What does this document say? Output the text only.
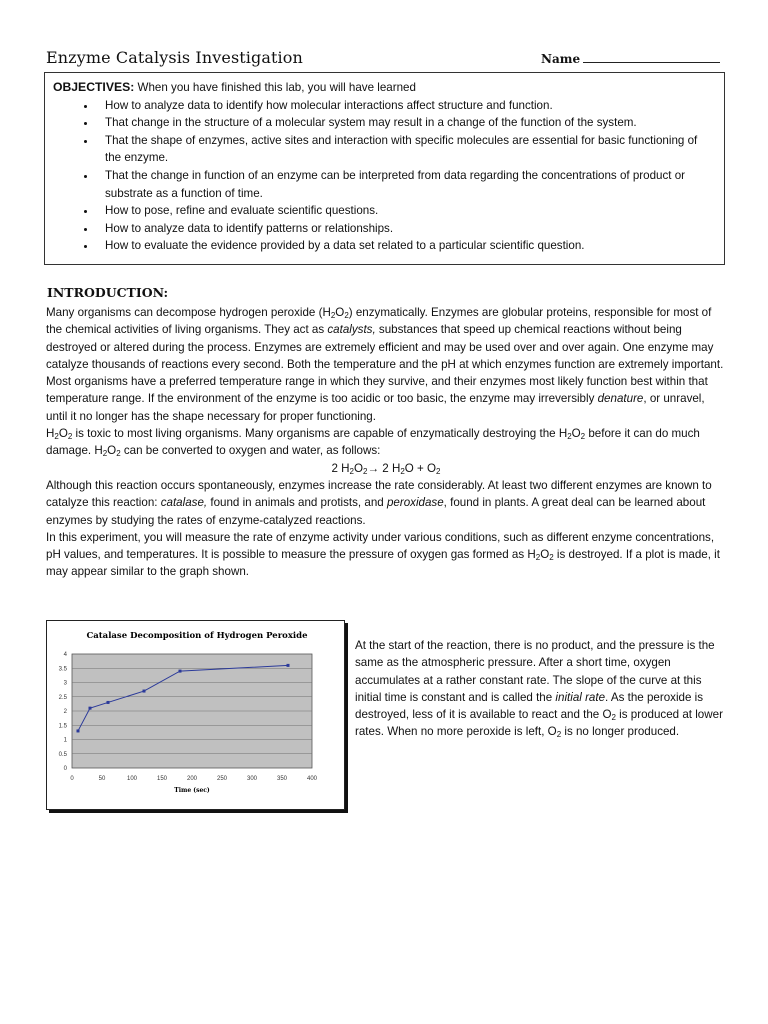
Enzyme Catalysis Investigation	Name
OBJECTIVES: When you have finished this lab, you will have learned
• How to analyze data to identify how molecular interactions affect structure and function.
• That change in the structure of a molecular system may result in a change of the function of the system.
• That the shape of enzymes, active sites and interaction with specific molecules are essential for basic functioning of the enzyme.
• That the change in function of an enzyme can be interpreted from data regarding the concentrations of product or substrate as a function of time.
• How to pose, refine and evaluate scientific questions.
• How to analyze data to identify patterns or relationships.
• How to evaluate the evidence provided by a data set related to a particular scientific question.
INTRODUCTION:

Many organisms can decompose hydrogen peroxide $(H_2O_2)$ enzymatically. Enzymes are globular proteins, responsible for most of the chemical activities of living organisms. They act as catalysts, substances that speed up chemical reactions without being destroyed or altered during the process. Enzymes are extremely efficient and may be used over and over again. One enzyme may catalyze thousands of reactions every second. Both the temperature and the pH at which enzymes function are extremely important. Most organisms have a preferred temperature range in which they survive, and their enzymes most likely function best within that temperature range. If the environment of the enzyme is too acidic or too basic, the enzyme may irreversibly denature, or unravel, until it no longer has the shape necessary for proper functioning.

$H_2O_2$ is toxic to most living organisms. Many organisms are capable of enzymatically destroying the $H_2O_2$ before it can do much damage. $H_2O_2$ can be converted to oxygen and water, as follows:

2 $H_2O_2\to 2$ $H_2O + O_2$

Although this reaction occurs spontaneously, enzymes increase the rate considerably. At least two different enzymes are known to catalyze this reaction: catalase, found in animals and protists, and peroxidase, found in plants. A great deal can be learned about enzymes by studying the rates of enzyme-catalyzed reactions.

In this experiment, you will measure the rate of enzyme activity under various conditions, such as different enzyme concentrations, pH values, and temperatures. It is possible to measure the pressure of oxygen gas formed as $H_2O_2$ is destroyed. If a plot is made, it may appear similar to the graph shown.

Catalase Decomposition of Hydrogen Peroxide
0
0.5
1
1.5
2
2.5
3
3.5
4
0	50	100	150	200	250	300	350	400
Time (sec)
At the start of the reaction, there is no product, and the pressure is the same as the atmospheric pressure. After a short time, oxygen accumulates at a rather constant rate. The slope of the curve at this initial time is constant and is called the initial rate. As the peroxide is destroyed, less of it is available to react and the $O_2$ is produced at lower rates. When no more peroxide is left, $O_2$ is no longer produced.
